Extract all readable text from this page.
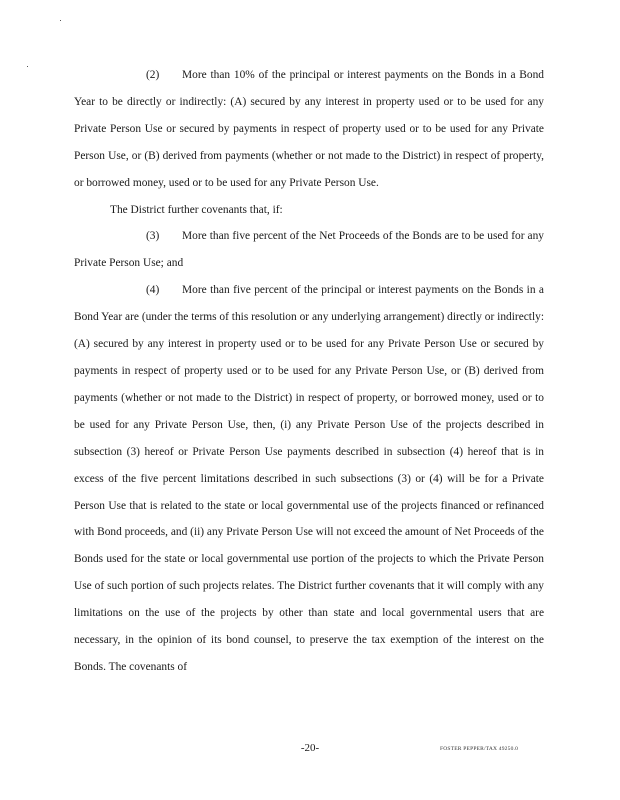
(2) More than 10% of the principal or interest payments on the Bonds in a Bond Year to be directly or indirectly: (A) secured by any interest in property used or to be used for any Private Person Use or secured by payments in respect of property used or to be used for any Private Person Use, or (B) derived from payments (whether or not made to the District) in respect of property, or borrowed money, used or to be used for any Private Person Use.

The District further covenants that, if:

(3) More than five percent of the Net Proceeds of the Bonds are to be used for any Private Person Use; and

(4) More than five percent of the principal or interest payments on the Bonds in a Bond Year are (under the terms of this resolution or any underlying arrangement) directly or indirectly: (A) secured by any interest in property used or to be used for any Private Person Use or secured by payments in respect of property used or to be used for any Private Person Use, or (B) derived from payments (whether or not made to the District) in respect of property, or borrowed money, used or to be used for any Private Person Use, then, (i) any Private Person Use of the projects described in subsection (3) hereof or Private Person Use payments described in subsection (4) hereof that is in excess of the five percent limitations described in such subsections (3) or (4) will be for a Private Person Use that is related to the state or local governmental use of the projects financed or refinanced with Bond proceeds, and (ii) any Private Person Use will not exceed the amount of Net Proceeds of the Bonds used for the state or local governmental use portion of the projects to which the Private Person Use of such portion of such projects relates. The District further covenants that it will comply with any limitations on the use of the projects by other than state and local governmental users that are necessary, in the opinion of its bond counsel, to preserve the tax exemption of the interest on the Bonds. The covenants of

-20-	FOSTER PEPPER/TAX 49250.0
